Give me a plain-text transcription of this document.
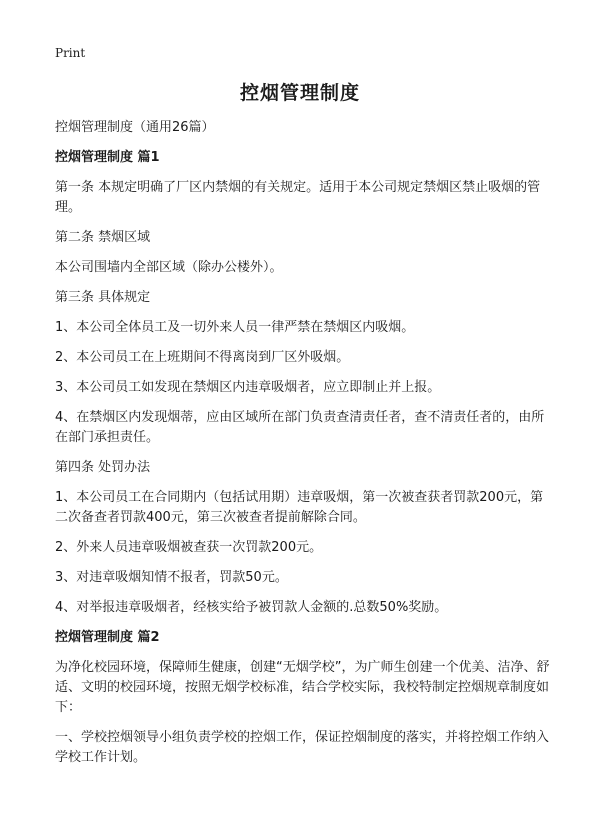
Print
控烟管理制度

控烟管理制度（通用26篇）

控烟管理制度 篇1

第一条 本规定明确了厂区内禁烟的有关规定。适用于本公司规定禁烟区禁止吸烟的管理。

第二条 禁烟区域

本公司围墙内全部区域（除办公楼外）。

第三条 具体规定

1、本公司全体员工及一切外来人员一律严禁在禁烟区内吸烟。

2、本公司员工在上班期间不得离岗到厂区外吸烟。

3、本公司员工如发现在禁烟区内违章吸烟者，应立即制止并上报。

4、在禁烟区内发现烟蒂，应由区域所在部门负责查清责任者，查不清责任者的，由所在部门承担责任。

第四条 处罚办法

1、本公司员工在合同期内（包括试用期）违章吸烟，第一次被查获者罚款200元，第二次备查者罚款400元，第三次被查者提前解除合同。

2、外来人员违章吸烟被查获一次罚款200元。

3、对违章吸烟知情不报者，罚款50元。

4、对举报违章吸烟者，经核实给予被罚款人金额的.总数50%奖励。

控烟管理制度 篇2

为净化校园环境，保障师生健康，创建“无烟学校”，为广师生创建一个优美、洁净、舒适、文明的校园环境，按照无烟学校标准，结合学校实际，我校特制定控烟规章制度如下：

一、学校控烟领导小组负责学校的控烟工作，保证控烟制度的落实，并将控烟工作纳入学校工作计划。
